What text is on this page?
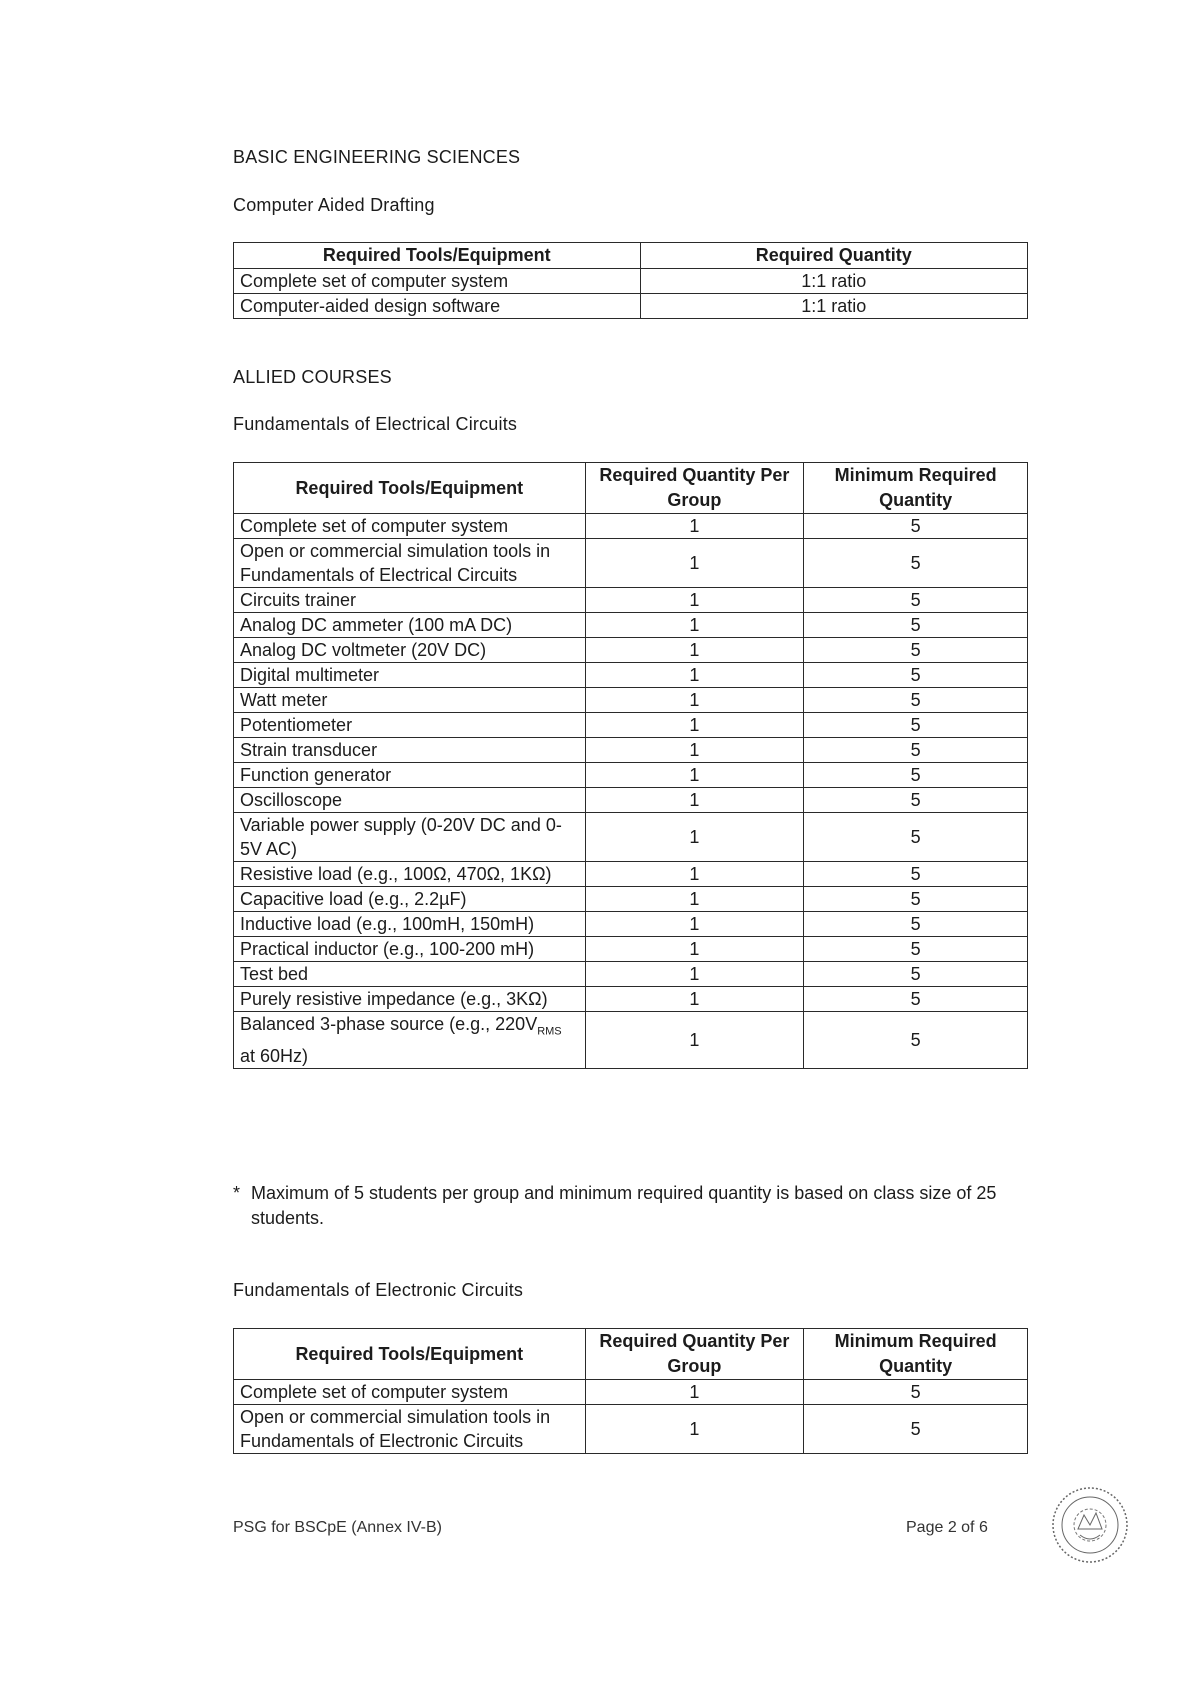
BASIC ENGINEERING SCIENCES
Computer Aided Drafting
Required Tools/Equipment	Required Quantity
Complete set of computer system	1:1 ratio
Computer-aided design software	1:1 ratio
ALLIED COURSES
Fundamentals of Electrical Circuits
Required Tools/Equipment	Required Quantity Per Group	Minimum Required Quantity
Complete set of computer system	1	5
Open or commercial simulation tools in Fundamentals of Electrical Circuits	1	5
Circuits trainer	1	5
Analog DC ammeter (100 mA DC)	1	5
Analog DC voltmeter (20V DC)	1	5
Digital multimeter	1	5
Watt meter	1	5
Potentiometer	1	5
Strain transducer	1	5
Function generator	1	5
Oscilloscope	1	5
Variable power supply (0-20V DC and 0-5V AC)	1	5
Resistive load (e.g., 100Ω, 470Ω, 1KΩ)	1	5
Capacitive load (e.g., 2.2µF)	1	5
Inductive load (e.g., 100mH, 150mH)	1	5
Practical inductor (e.g., 100-200 mH)	1	5
Test bed	1	5
Purely resistive impedance (e.g., 3KΩ)	1	5
Balanced 3-phase source (e.g., $220V_{RMS}$ at 60Hz)	1	5
* Maximum of 5 students per group and minimum required quantity is based on class size of 25 students.
Fundamentals of Electronic Circuits
Required Tools/Equipment	Required Quantity Per Group	Minimum Required Quantity
Complete set of computer system	1	5
Open or commercial simulation tools in Fundamentals of Electronic Circuits	1	5
PSG for BSCpE (Annex IV-B)	Page 2 of 6
